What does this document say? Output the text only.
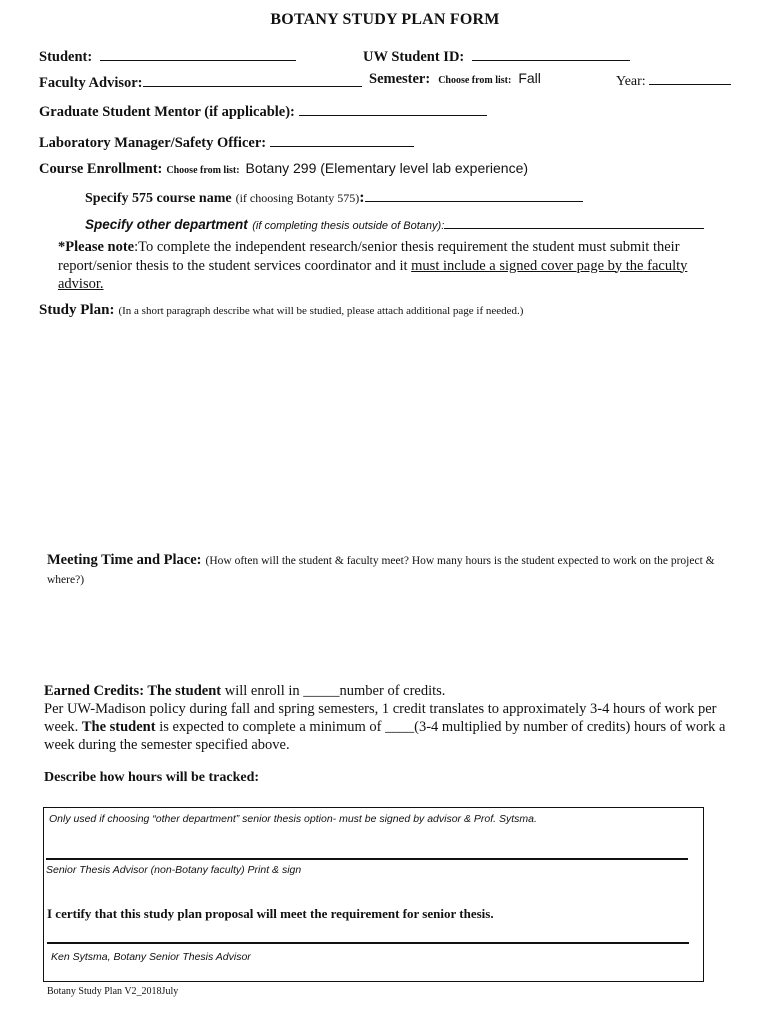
BOTANY STUDY PLAN FORM
Student:	UW Student ID:
Faculty Advisor:	Semester: Choose from list: Fall	Year:
Graduate Student Mentor (if applicable):
Laboratory Manager/Safety Officer:
Course Enrollment: Choose from list: Botany 299 (Elementary level lab experience)
Specify 575 course name (if choosing Botanty 575):
Specify other department (if completing thesis outside of Botany):
*Please note:To complete the independent research/senior thesis requirement the student must submit their report/senior thesis to the student services coordinator and it must include a signed cover page by the faculty advisor.
Study Plan: (In a short paragraph describe what will be studied, please attach additional page if needed.)
Meeting Time and Place: (How often will the student & faculty meet? How many hours is the student expected to work on the project & where?)
Earned Credits: The student will enroll in _____number of credits.
Per UW-Madison policy during fall and spring semesters, 1 credit translates to approximately 3-4 hours of work per week. The student is expected to complete a minimum of ____(3-4 multiplied by number of credits) hours of work a week during the semester specified above.
Describe how hours will be tracked:
Only used if choosing “other department” senior thesis option- must be signed by advisor & Prof. Sytsma.
Senior Thesis Advisor (non-Botany faculty) Print & sign
I certify that this study plan proposal will meet the requirement for senior thesis.
Ken Sytsma, Botany Senior Thesis Advisor
Botany Study Plan V2_2018July
